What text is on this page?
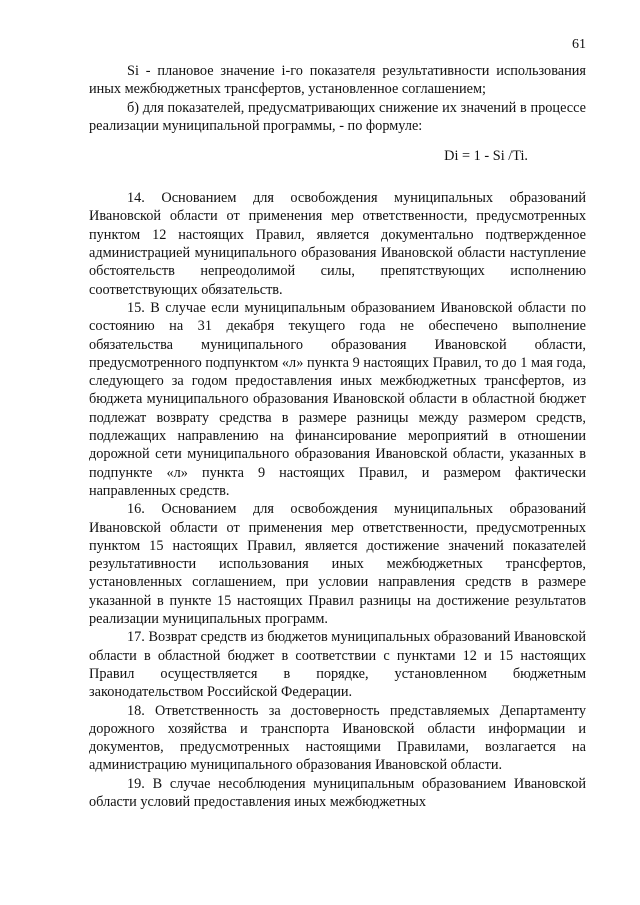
61

Si - плановое значение i-го показателя результативности использования иных межбюджетных трансфертов, установленное соглашением;

б) для показателей, предусматривающих снижение их значений в процессе реализации муниципальной программы, - по формуле:

Di = 1 - Si /Ti.

14. Основанием для освобождения муниципальных образований Ивановской области от применения мер ответственности, предусмотренных пунктом 12 настоящих Правил, является документально подтвержденное администрацией муниципального образования Ивановской области наступление обстоятельств непреодолимой силы, препятствующих исполнению соответствующих обязательств.

15. В случае если муниципальным образованием Ивановской области по состоянию на 31 декабря текущего года не обеспечено выполнение обязательства муниципального образования Ивановской области, предусмотренного подпунктом «л» пункта 9 настоящих Правил, то до 1 мая года, следующего за годом предоставления иных межбюджетных трансфертов, из бюджета муниципального образования Ивановской области в областной бюджет подлежат возврату средства в размере разницы между размером средств, подлежащих направлению на финансирование мероприятий в отношении дорожной сети муниципального образования Ивановской области, указанных в подпункте «л» пункта 9 настоящих Правил, и размером фактически направленных средств.

16. Основанием для освобождения муниципальных образований Ивановской области от применения мер ответственности, предусмотренных пунктом 15 настоящих Правил, является достижение значений показателей результативности использования иных межбюджетных трансфертов, установленных соглашением, при условии направления средств в размере указанной в пункте 15 настоящих Правил разницы на достижение результатов реализации муниципальных программ.

17. Возврат средств из бюджетов муниципальных образований Ивановской области в областной бюджет в соответствии с пунктами 12 и 15 настоящих Правил осуществляется в порядке, установленном бюджетным законодательством Российской Федерации.

18. Ответственность за достоверность представляемых Департаменту дорожного хозяйства и транспорта Ивановской области информации и документов, предусмотренных настоящими Правилами, возлагается на администрацию муниципального образования Ивановской области.

19. В случае несоблюдения муниципальным образованием Ивановской области условий предоставления иных межбюджетных
